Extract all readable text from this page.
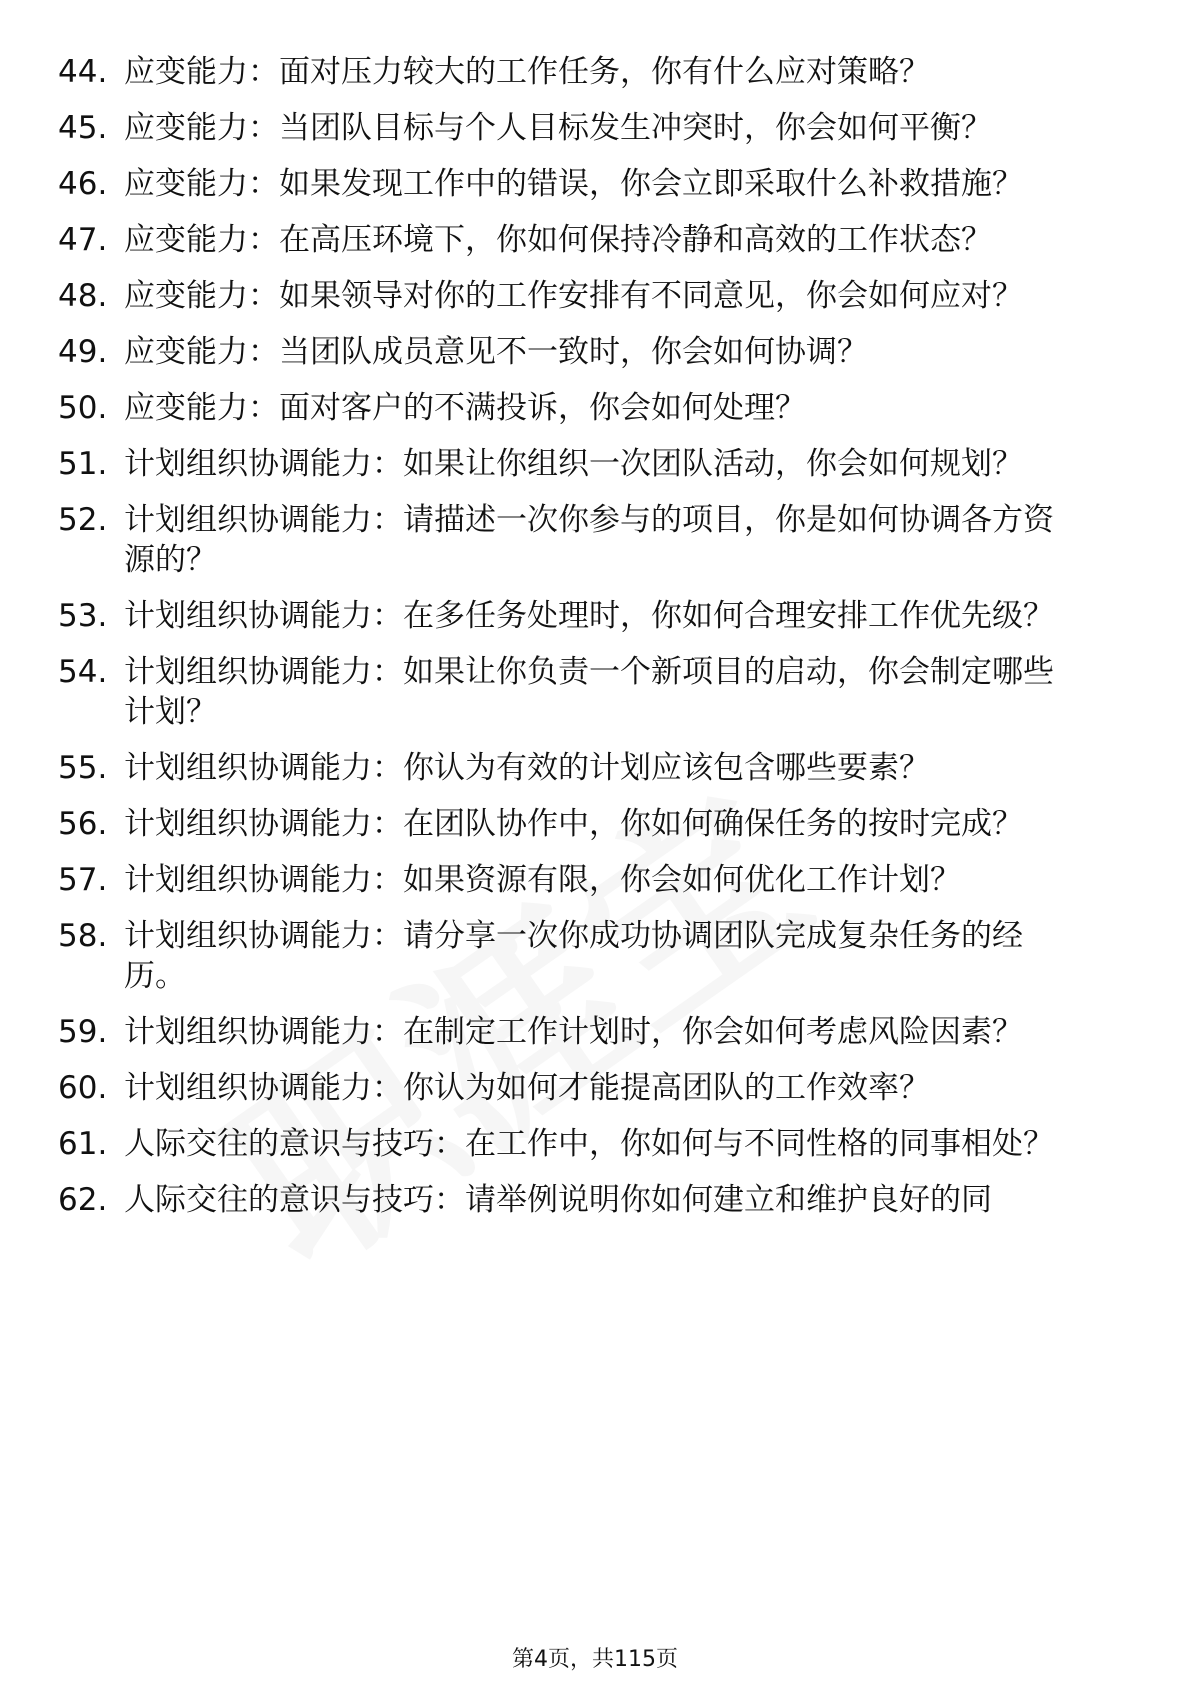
44. 应变能力：面对压力较大的工作任务，你有什么应对策略？
45. 应变能力：当团队目标与个人目标发生冲突时，你会如何平衡？
46. 应变能力：如果发现工作中的错误，你会立即采取什么补救措施？
47. 应变能力：在高压环境下，你如何保持冷静和高效的工作状态？
48. 应变能力：如果领导对你的工作安排有不同意见，你会如何应对？
49. 应变能力：当团队成员意见不一致时，你会如何协调？
50. 应变能力：面对客户的不满投诉，你会如何处理？
51. 计划组织协调能力：如果让你组织一次团队活动，你会如何规划？
52. 计划组织协调能力：请描述一次你参与的项目，你是如何协调各方资源的？
53. 计划组织协调能力：在多任务处理时，你如何合理安排工作优先级？
54. 计划组织协调能力：如果让你负责一个新项目的启动，你会制定哪些计划？
55. 计划组织协调能力：你认为有效的计划应该包含哪些要素？
56. 计划组织协调能力：在团队协作中，你如何确保任务的按时完成？
57. 计划组织协调能力：如果资源有限，你会如何优化工作计划？
58. 计划组织协调能力：请分享一次你成功协调团队完成复杂任务的经历。
59. 计划组织协调能力：在制定工作计划时，你会如何考虑风险因素？
60. 计划组织协调能力：你认为如何才能提高团队的工作效率？
61. 人际交往的意识与技巧：在工作中，你如何与不同性格的同事相处？
62. 人际交往的意识与技巧：请举例说明你如何建立和维护良好的同
第4页，共115页
